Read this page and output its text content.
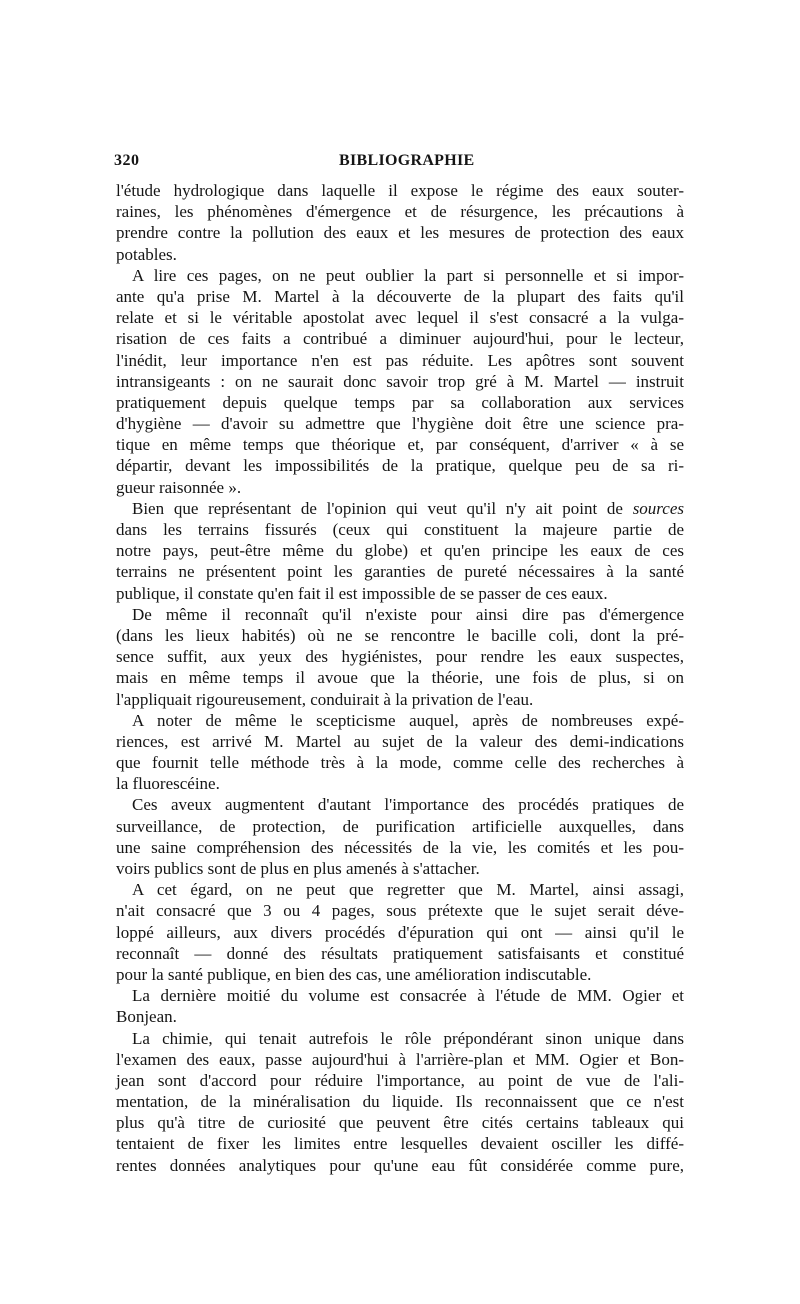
320	BIBLIOGRAPHIE
l'étude hydrologique dans laquelle il expose le régime des eaux souter-
raines, les phénomènes d'émergence et de résurgence, les précautions à
prendre contre la pollution des eaux et les mesures de protection des eaux
potables.
A lire ces pages, on ne peut oublier la part si personnelle et si impor-
ante qu'a prise M. Martel à la découverte de la plupart des faits qu'il
relate et si le véritable apostolat avec lequel il s'est consacré a la vulga-
risation de ces faits a contribué a diminuer aujourd'hui, pour le lecteur,
l'inédit, leur importance n'en est pas réduite. Les apôtres sont souvent
intransigeants : on ne saurait donc savoir trop gré à M. Martel — instruit
pratiquement depuis quelque temps par sa collaboration aux services
d'hygiène — d'avoir su admettre que l'hygiène doit être une science pra-
tique en même temps que théorique et, par conséquent, d'arriver « à se
départir, devant les impossibilités de la pratique, quelque peu de sa ri-
gueur raisonnée ».
Bien que représentant de l'opinion qui veut qu'il n'y ait point de sources
dans les terrains fissurés (ceux qui constituent la majeure partie de
notre pays, peut-être même du globe) et qu'en principe les eaux de ces
terrains ne présentent point les garanties de pureté nécessaires à la santé
publique, il constate qu'en fait il est impossible de se passer de ces eaux.
De même il reconnaît qu'il n'existe pour ainsi dire pas d'émergence
(dans les lieux habités) où ne se rencontre le bacille coli, dont la pré-
sence suffit, aux yeux des hygiénistes, pour rendre les eaux suspectes,
mais en même temps il avoue que la théorie, une fois de plus, si on
l'appliquait rigoureusement, conduirait à la privation de l'eau.
A noter de même le scepticisme auquel, après de nombreuses expé-
riences, est arrivé M. Martel au sujet de la valeur des demi-indications
que fournit telle méthode très à la mode, comme celle des recherches à
la fluorescéine.
Ces aveux augmentent d'autant l'importance des procédés pratiques de
surveillance, de protection, de purification artificielle auxquelles, dans
une saine compréhension des nécessités de la vie, les comités et les pou-
voirs publics sont de plus en plus amenés à s'attacher.
A cet égard, on ne peut que regretter que M. Martel, ainsi assagi,
n'ait consacré que 3 ou 4 pages, sous prétexte que le sujet serait déve-
loppé ailleurs, aux divers procédés d'épuration qui ont — ainsi qu'il le
reconnaît — donné des résultats pratiquement satisfaisants et constitué
pour la santé publique, en bien des cas, une amélioration indiscutable.
La dernière moitié du volume est consacrée à l'étude de MM. Ogier et
Bonjean.
La chimie, qui tenait autrefois le rôle prépondérant sinon unique dans
l'examen des eaux, passe aujourd'hui à l'arrière-plan et MM. Ogier et Bon-
jean sont d'accord pour réduire l'importance, au point de vue de l'ali-
mentation, de la minéralisation du liquide. Ils reconnaissent que ce n'est
plus qu'à titre de curiosité que peuvent être cités certains tableaux qui
tentaient de fixer les limites entre lesquelles devaient osciller les diffé-
rentes données analytiques pour qu'une eau fût considérée comme pure,
